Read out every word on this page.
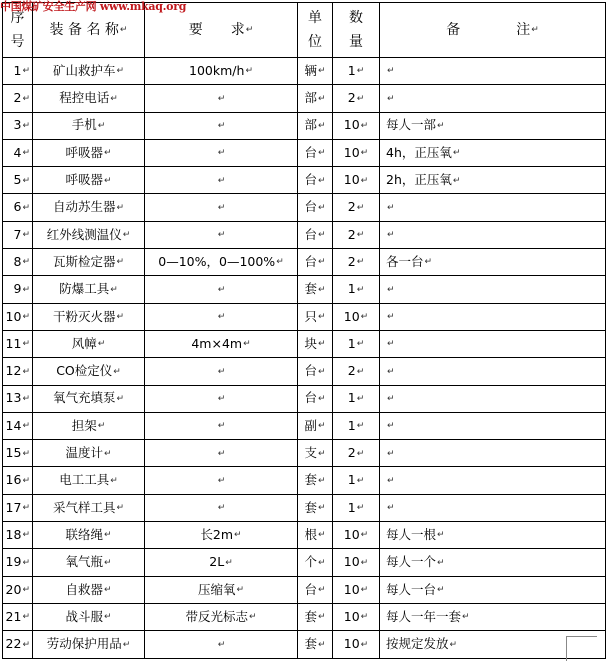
中国煤矿安全生产网 www.mkaq.org
序
号	装 备 名 称↵	要　　求↵	单
位	数
量	备　　　　注↵
1↵	矿山救护车↵	100km/h↵	辆↵	1↵	↵
2↵	程控电话↵	↵	部↵	2↵	↵
3↵	手机↵	↵	部↵	10↵	每人一部↵
4↵	呼吸器↵	↵	台↵	10↵	4h，正压氧↵
5↵	呼吸器↵	↵	台↵	10↵	2h，正压氧↵
6↵	自动苏生器↵	↵	台↵	2↵	↵
7↵	红外线测温仪↵	↵	台↵	2↵	↵
8↵	瓦斯检定器↵	0—10%，0—100%↵	台↵	2↵	各一台↵
9↵	防爆工具↵	↵	套↵	1↵	↵
10↵	干粉灭火器↵	↵	只↵	10↵	↵
11↵	风幛↵	4m×4m↵	块↵	1↵	↵
12↵	CO检定仪↵	↵	台↵	2↵	↵
13↵	氧气充填泵↵	↵	台↵	1↵	↵
14↵	担架↵	↵	副↵	1↵	↵
15↵	温度计↵	↵	支↵	2↵	↵
16↵	电工工具↵	↵	套↵	1↵	↵
17↵	采气样工具↵	↵	套↵	1↵	↵
18↵	联络绳↵	长2m↵	根↵	10↵	每人一根↵
19↵	氧气瓶↵	2L↵	个↵	10↵	每人一个↵
20↵	自救器↵	压缩氧↵	台↵	10↵	每人一台↵
21↵	战斗服↵	带反光标志↵	套↵	10↵	每人一年一套↵
22↵	劳动保护用品↵	↵	套↵	10↵	按规定发放↵
